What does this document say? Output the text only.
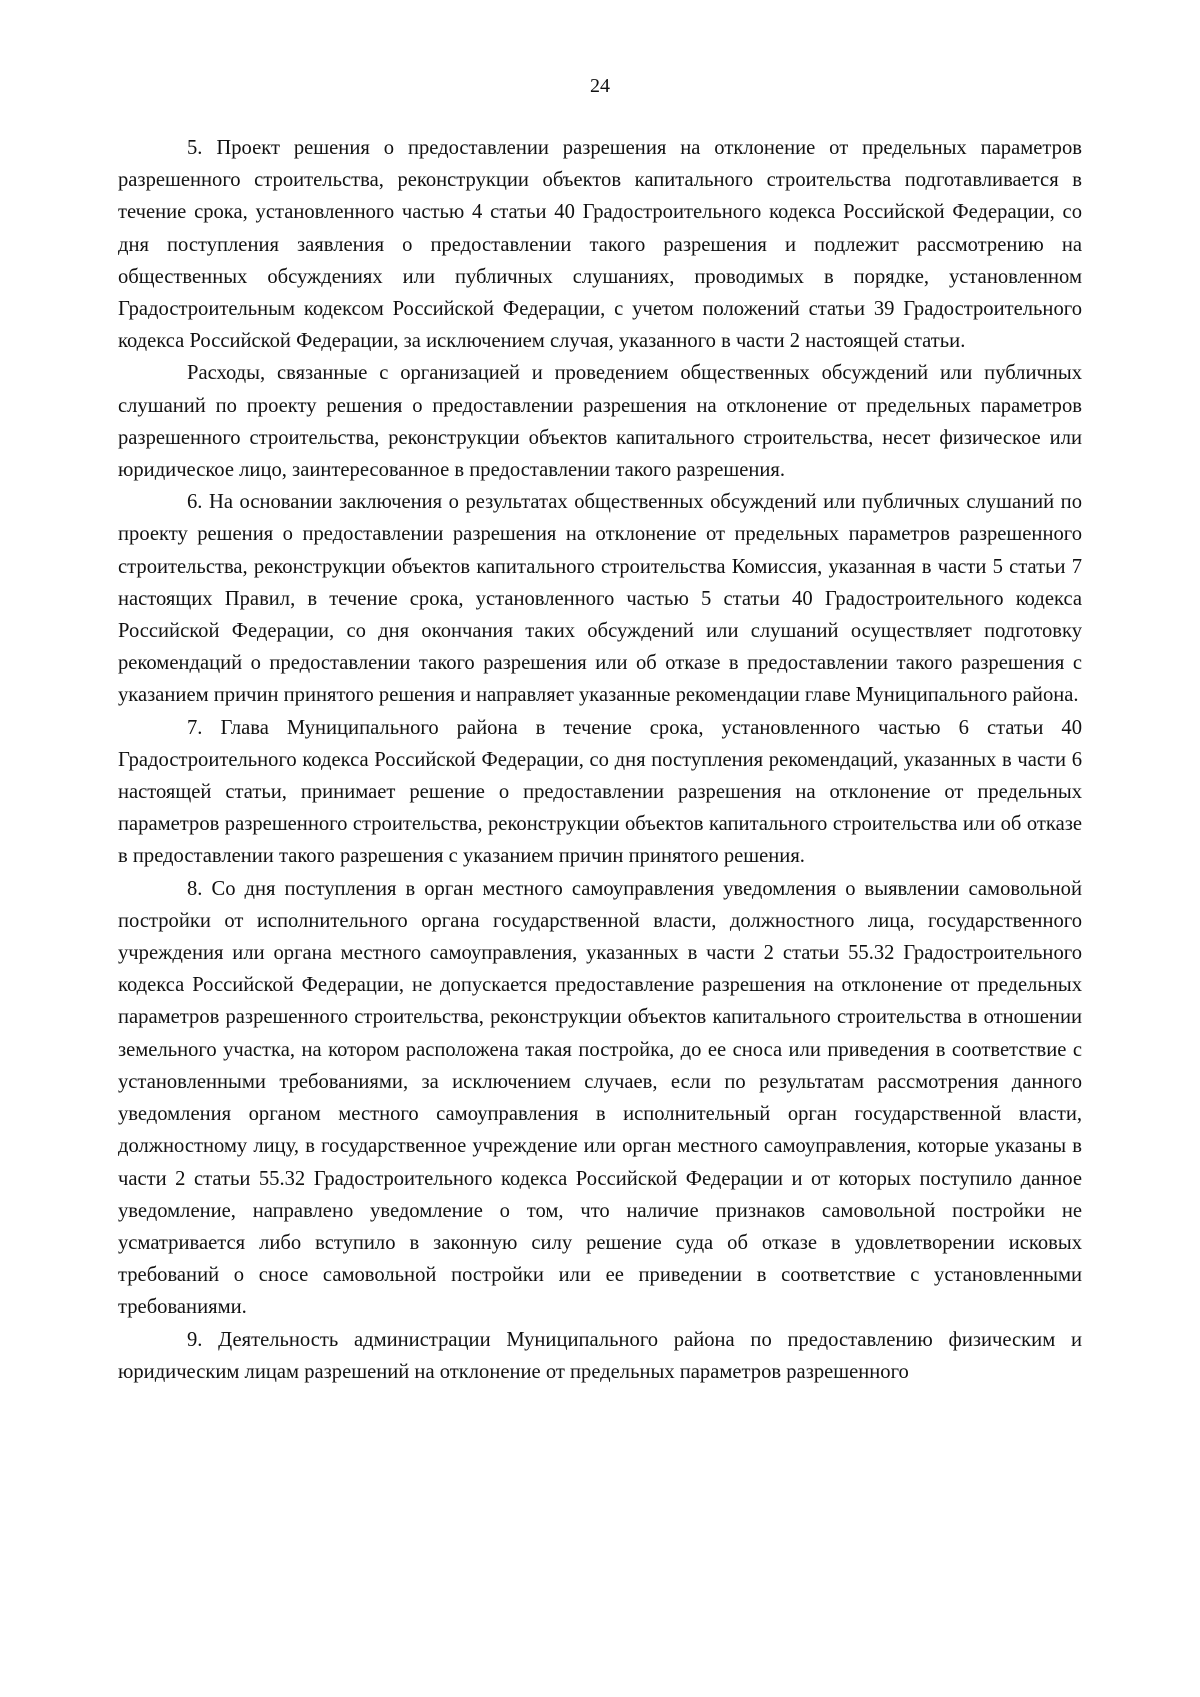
24

5. Проект решения о предоставлении разрешения на отклонение от предельных параметров разрешенного строительства, реконструкции объектов капитального строительства подготавливается в течение срока, установленного частью 4 статьи 40 Градостроительного кодекса Российской Федерации, со дня поступления заявления о предоставлении такого разрешения и подлежит рассмотрению на общественных обсуждениях или публичных слушаниях, проводимых в порядке, установленном Градостроительным кодексом Российской Федерации, с учетом положений статьи 39 Градостроительного кодекса Российской Федерации, за исключением случая, указанного в части 2 настоящей статьи.

Расходы, связанные с организацией и проведением общественных обсуждений или публичных слушаний по проекту решения о предоставлении разрешения на отклонение от предельных параметров разрешенного строительства, реконструкции объектов капитального строительства, несет физическое или юридическое лицо, заинтересованное в предоставлении такого разрешения.

6. На основании заключения о результатах общественных обсуждений или публичных слушаний по проекту решения о предоставлении разрешения на отклонение от предельных параметров разрешенного строительства, реконструкции объектов капитального строительства Комиссия, указанная в части 5 статьи 7 настоящих Правил, в течение срока, установленного частью 5 статьи 40 Градостроительного кодекса Российской Федерации, со дня окончания таких обсуждений или слушаний осуществляет подготовку рекомендаций о предоставлении такого разрешения или об отказе в предоставлении такого разрешения с указанием причин принятого решения и направляет указанные рекомендации главе Муниципального района.

7. Глава Муниципального района в течение срока, установленного частью 6 статьи 40 Градостроительного кодекса Российской Федерации, со дня поступления рекомендаций, указанных в части 6 настоящей статьи, принимает решение о предоставлении разрешения на отклонение от предельных параметров разрешенного строительства, реконструкции объектов капитального строительства или об отказе в предоставлении такого разрешения с указанием причин принятого решения.

8. Со дня поступления в орган местного самоуправления уведомления о выявлении самовольной постройки от исполнительного органа государственной власти, должностного лица, государственного учреждения или органа местного самоуправления, указанных в части 2 статьи 55.32 Градостроительного кодекса Российской Федерации, не допускается предоставление разрешения на отклонение от предельных параметров разрешенного строительства, реконструкции объектов капитального строительства в отношении земельного участка, на котором расположена такая постройка, до ее сноса или приведения в соответствие с установленными требованиями, за исключением случаев, если по результатам рассмотрения данного уведомления органом местного самоуправления в исполнительный орган государственной власти, должностному лицу, в государственное учреждение или орган местного самоуправления, которые указаны в части 2 статьи 55.32 Градостроительного кодекса Российской Федерации и от которых поступило данное уведомление, направлено уведомление о том, что наличие признаков самовольной постройки не усматривается либо вступило в законную силу решение суда об отказе в удовлетворении исковых требований о сносе самовольной постройки или ее приведении в соответствие с установленными требованиями.

9. Деятельность администрации Муниципального района по предоставлению физическим и юридическим лицам разрешений на отклонение от предельных параметров разрешенного
